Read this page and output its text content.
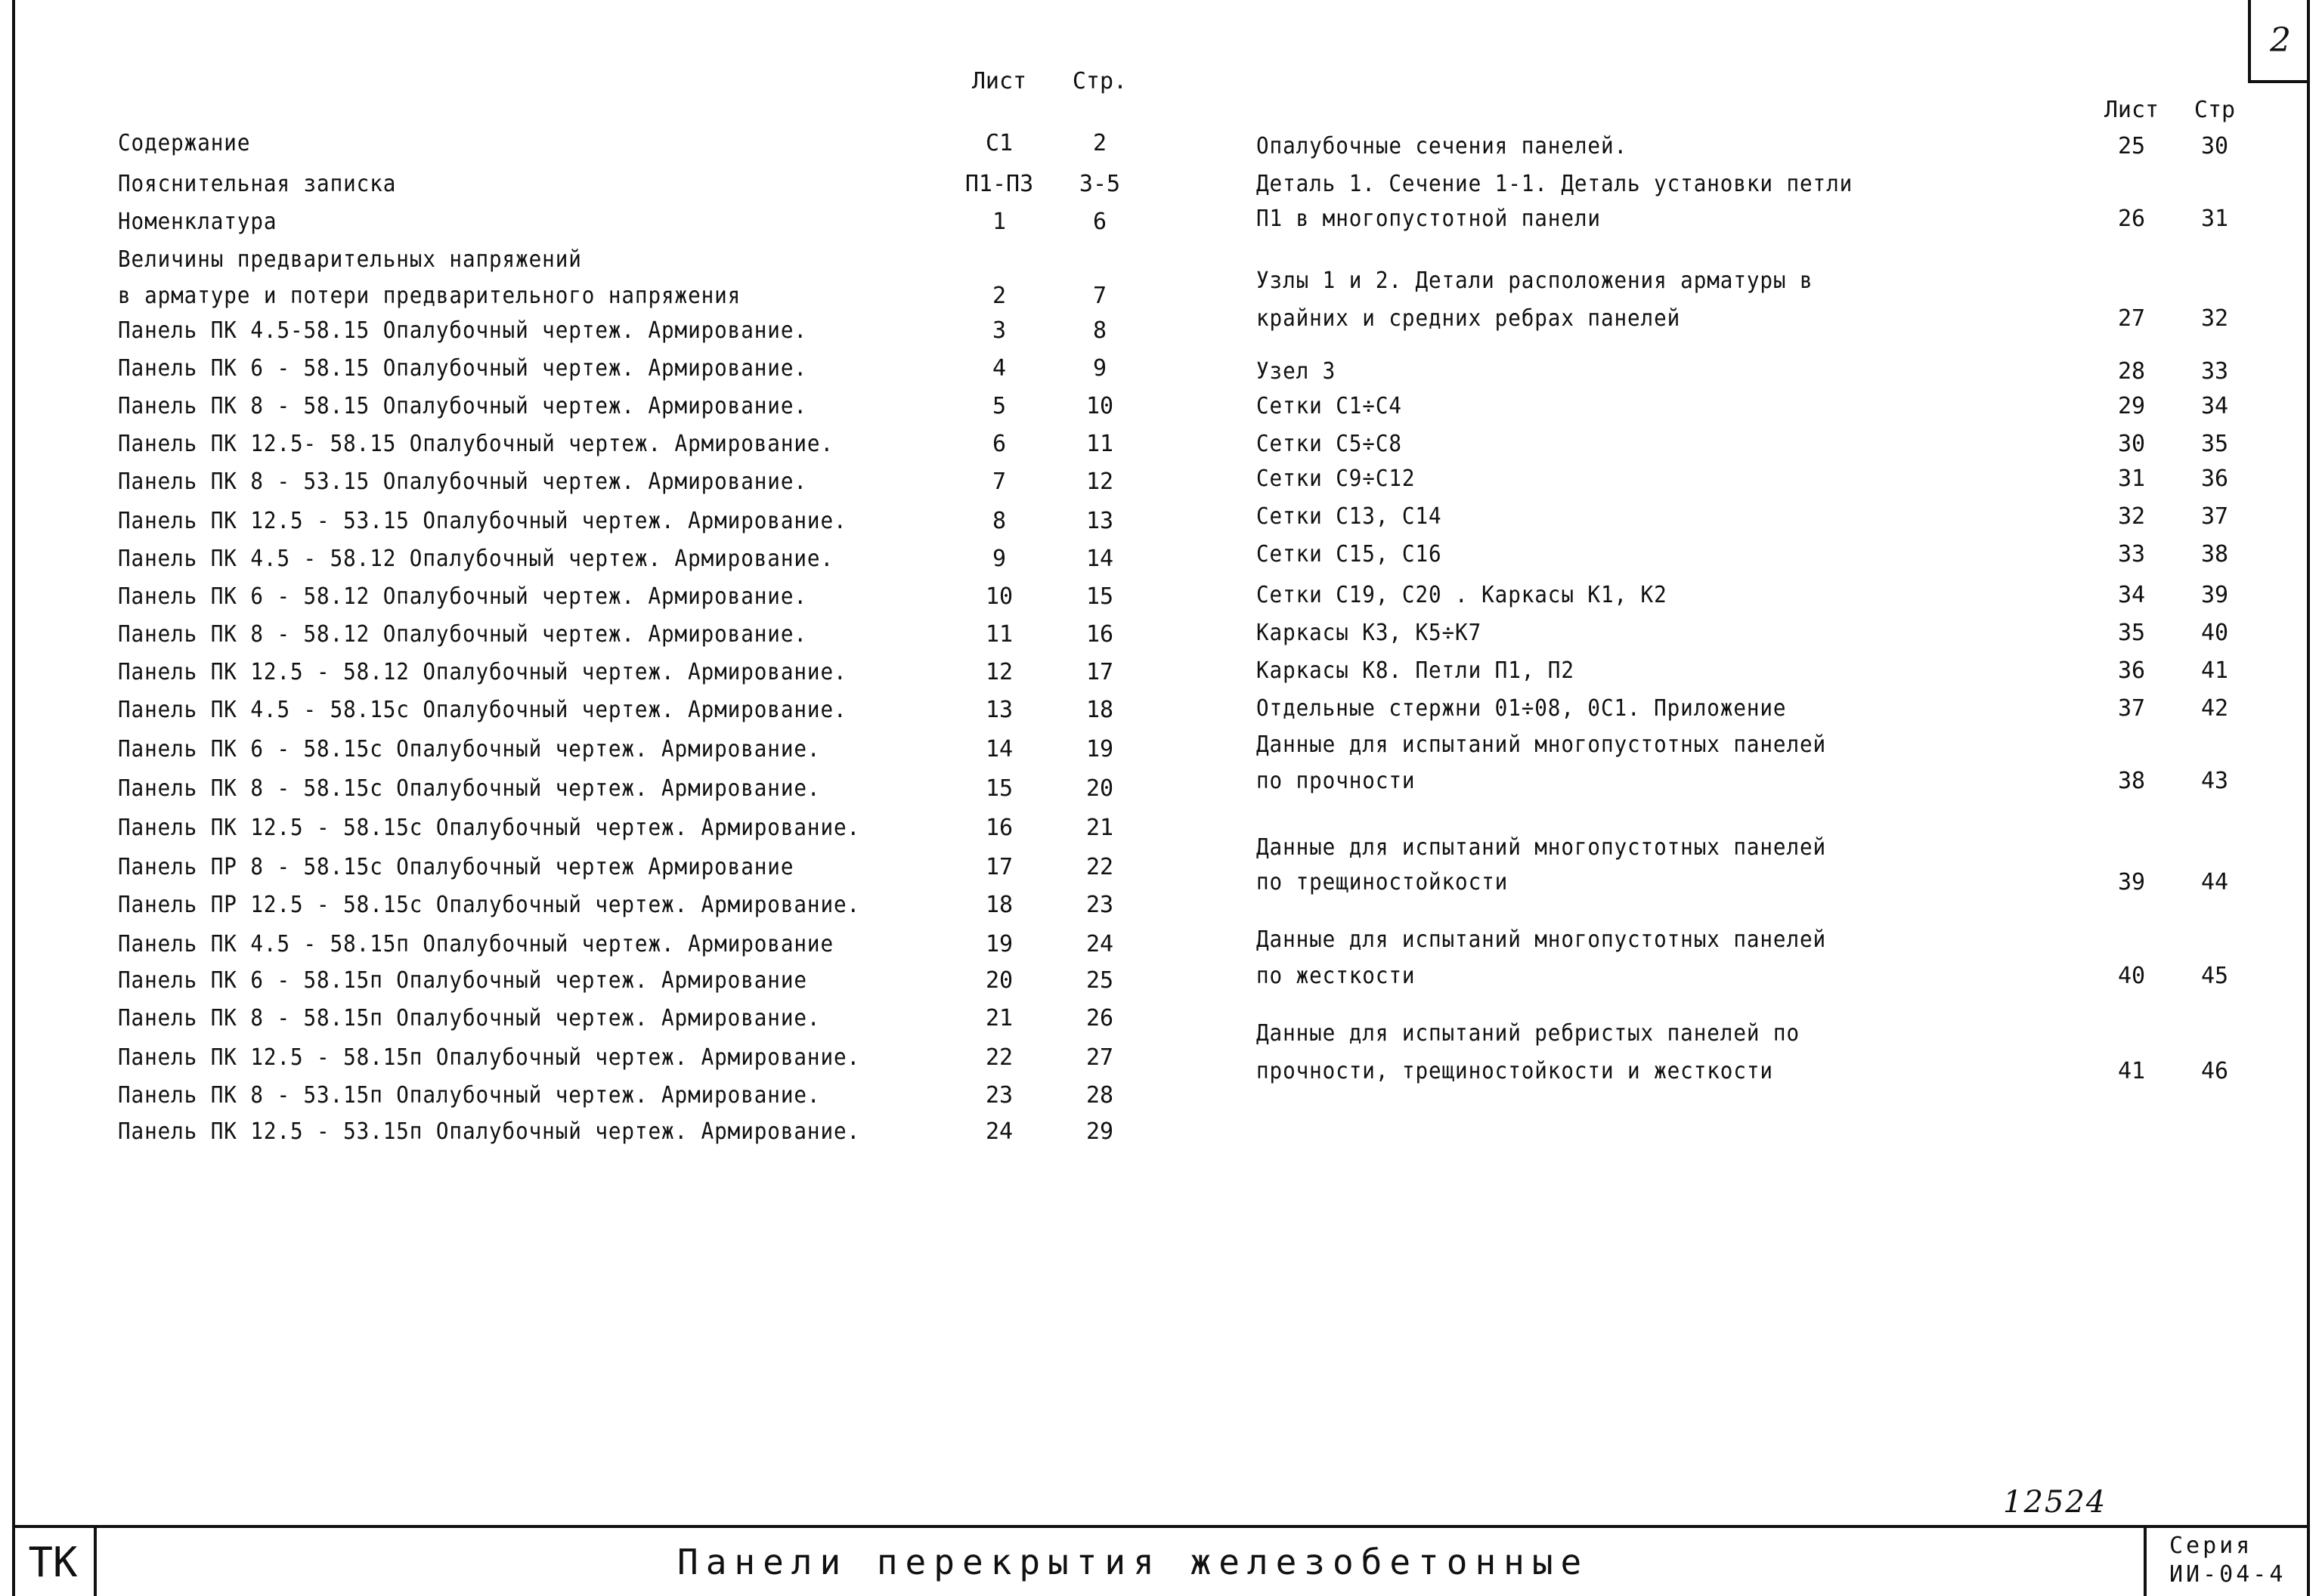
2
Лист	Стр.
Содержание	С1	2
Пояснительная записка	П1-П3	3-5
Номенклатура	1	6
Величины предварительных напряжений
в арматуре и потери предварительного напряжения	2	7
Панель ПК 4.5-58.15 Опалубочный чертеж. Армирование.	3	8
Панель ПК 6 - 58.15 Опалубочный чертеж. Армирование.	4	9
Панель ПК 8 - 58.15 Опалубочный чертеж. Армирование.	5	10
Панель ПК 12.5- 58.15 Опалубочный чертеж. Армирование.	6	11
Панель ПК 8 - 53.15 Опалубочный чертеж. Армирование.	7	12
Панель ПК 12.5 - 53.15 Опалубочный чертеж. Армирование.	8	13
Панель ПК 4.5 - 58.12 Опалубочный чертеж. Армирование.	9	14
Панель ПК 6 - 58.12 Опалубочный чертеж. Армирование.	10	15
Панель ПК 8 - 58.12 Опалубочный чертеж. Армирование.	11	16
Панель ПК 12.5 - 58.12 Опалубочный чертеж. Армирование.	12	17
Панель ПК 4.5 - 58.15с Опалубочный чертеж. Армирование.	13	18
Панель ПК 6 - 58.15с Опалубочный чертеж. Армирование.	14	19
Панель ПК 8 - 58.15с Опалубочный чертеж. Армирование.	15	20
Панель ПК 12.5 - 58.15с Опалубочный чертеж. Армирование.	16	21
Панель ПР 8 - 58.15с Опалубочный чертеж Армирование	17	22
Панель ПР 12.5 - 58.15с Опалубочный чертеж. Армирование.	18	23
Панель ПК 4.5 - 58.15п Опалубочный чертеж. Армирование	19	24
Панель ПК 6 - 58.15п Опалубочный чертеж. Армирование	20	25
Панель ПК 8 - 58.15п Опалубочный чертеж. Армирование.	21	26
Панель ПК 12.5 - 58.15п Опалубочный чертеж. Армирование.	22	27
Панель ПК 8 - 53.15п Опалубочный чертеж. Армирование.	23	28
Панель ПК 12.5 - 53.15п Опалубочный чертеж. Армирование.	24	29
Лист	Стр
Опалубочные сечения панелей.	25	30
Деталь 1. Сечение 1-1. Деталь установки петли
П1 в многопустотной панели	26	31
Узлы 1 и 2. Детали расположения арматуры в
крайних и средних ребрах панелей	27	32
Узел 3	28	33
Сетки С1÷С4	29	34
Сетки С5÷С8	30	35
Сетки С9÷С12	31	36
Сетки С13, С14	32	37
Сетки С15, С16	33	38
Сетки С19, С20 . Каркасы К1, К2	34	39
Каркасы К3, К5÷К7	35	40
Каркасы К8. Петли П1, П2	36	41
Отдельные стержни 01÷08, 0С1. Приложение	37	42
Данные для испытаний многопустотных панелей
по прочности	38	43
Данные для испытаний многопустотных панелей
по трещиностойкости	39	44
Данные для испытаний многопустотных панелей
по жесткости	40	45
Данные для испытаний ребристых панелей по
прочности, трещиностойкости и жесткости	41	46
12524
ТК	Панели перекрытия железобетонные	Серия
ИИ-04-4
